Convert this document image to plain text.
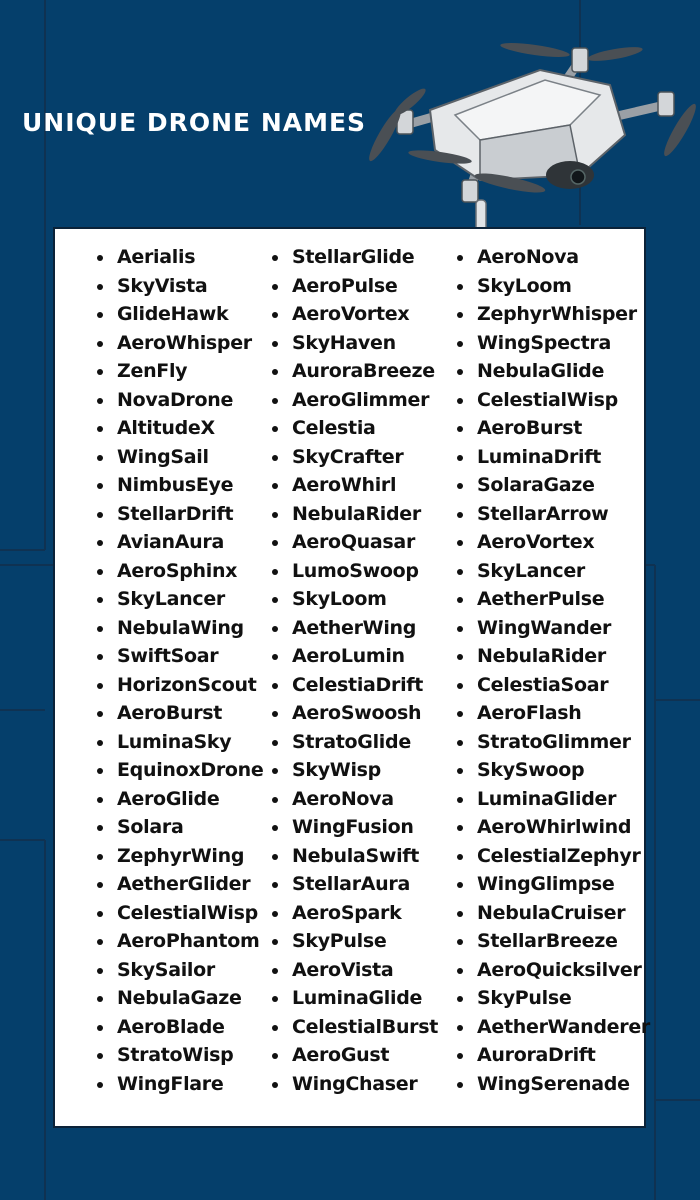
UNIQUE DRONE NAMES
Aerialis
SkyVista
GlideHawk
AeroWhisper
ZenFly
NovaDrone
AltitudeX
WingSail
NimbusEye
StellarDrift
AvianAura
AeroSphinx
SkyLancer
NebulaWing
SwiftSoar
HorizonScout
AeroBurst
LuminaSky
EquinoxDrone
AeroGlide
Solara
ZephyrWing
AetherGlider
CelestialWisp
AeroPhantom
SkySailor
NebulaGaze
AeroBlade
StratoWisp
WingFlare
StellarGlide
AeroPulse
AeroVortex
SkyHaven
AuroraBreeze
AeroGlimmer
Celestia
SkyCrafter
AeroWhirl
NebulaRider
AeroQuasar
LumoSwoop
SkyLoom
AetherWing
AeroLumin
CelestiaDrift
AeroSwoosh
StratoGlide
SkyWisp
AeroNova
WingFusion
NebulaSwift
StellarAura
AeroSpark
SkyPulse
AeroVista
LuminaGlide
CelestialBurst
AeroGust
WingChaser
AeroNova
SkyLoom
ZephyrWhisper
WingSpectra
NebulaGlide
CelestialWisp
AeroBurst
LuminaDrift
SolaraGaze
StellarArrow
AeroVortex
SkyLancer
AetherPulse
WingWander
NebulaRider
CelestiaSoar
AeroFlash
StratoGlimmer
SkySwoop
LuminaGlider
AeroWhirlwind
CelestialZephyr
WingGlimpse
NebulaCruiser
StellarBreeze
AeroQuicksilver
SkyPulse
AetherWanderer
AuroraDrift
WingSerenade
